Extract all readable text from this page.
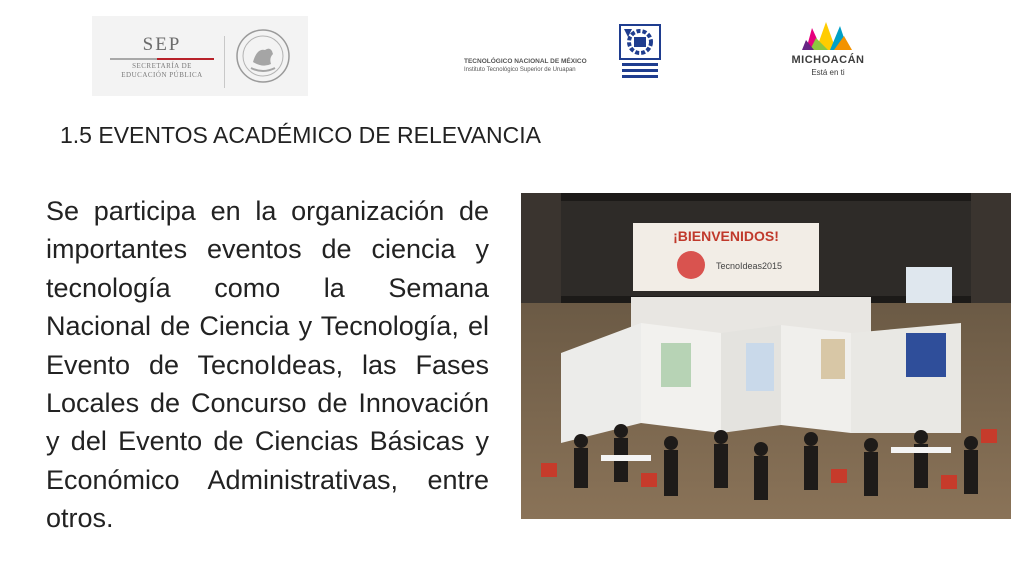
SEP
SECRETARÍA DE
EDUCACIÓN PÚBLICA
TECNOLÓGICO NACIONAL DE MÉXICO
Instituto Tecnológico Superior de Uruapan
MICHOACÁN
Está en ti
1.5 EVENTOS ACADÉMICO DE RELEVANCIA

Se participa en la organización de importantes eventos de ciencia y tecnología como la Semana Nacional de Ciencia y Tecnología, el Evento de TecnoIdeas, las Fases Locales de Concurso de Innovación y del Evento de Ciencias Básicas y Económico Administrativas, entre otros.

¡BIENVENIDOS!
TecnoIdeas2015
